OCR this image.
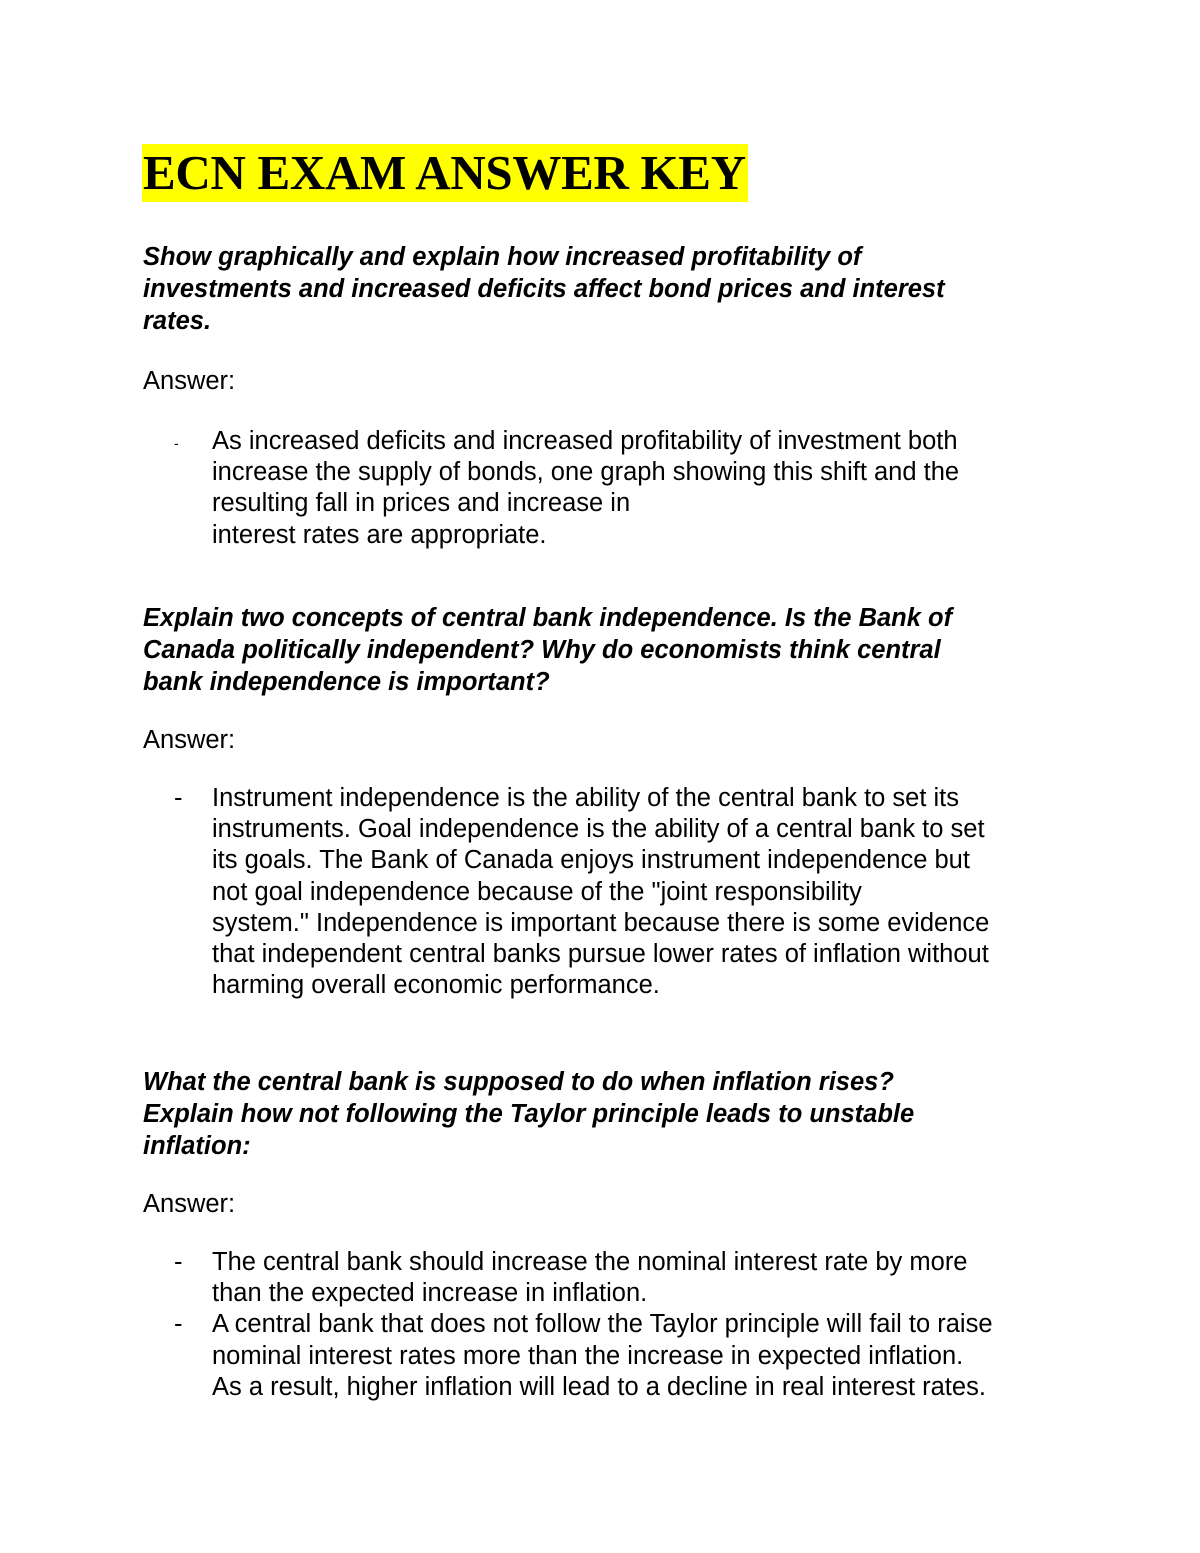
ECN EXAM ANSWER KEY
Show graphically and explain how increased profitability of
investments and increased deficits affect bond prices and interest
rates.

Answer:

- As increased deficits and increased profitability of investment both
increase the supply of bonds, one graph showing this shift and the
resulting fall in prices and increase in
interest rates are appropriate.
Explain two concepts of central bank independence. Is the Bank of
Canada politically independent? Why do economists think central
bank independence is important?

Answer:

- Instrument independence is the ability of the central bank to set its
instruments. Goal independence is the ability of a central bank to set
its goals. The Bank of Canada enjoys instrument independence but
not goal independence because of the "joint responsibility
system." Independence is important because there is some evidence
that independent central banks pursue lower rates of inflation without
harming overall economic performance.
What the central bank is supposed to do when inflation rises?
Explain how not following the Taylor principle leads to unstable
inflation:

Answer:

- The central bank should increase the nominal interest rate by more
than the expected increase in inflation.
- A central bank that does not follow the Taylor principle will fail to raise
nominal interest rates more than the increase in expected inflation.
As a result, higher inflation will lead to a decline in real interest rates.
